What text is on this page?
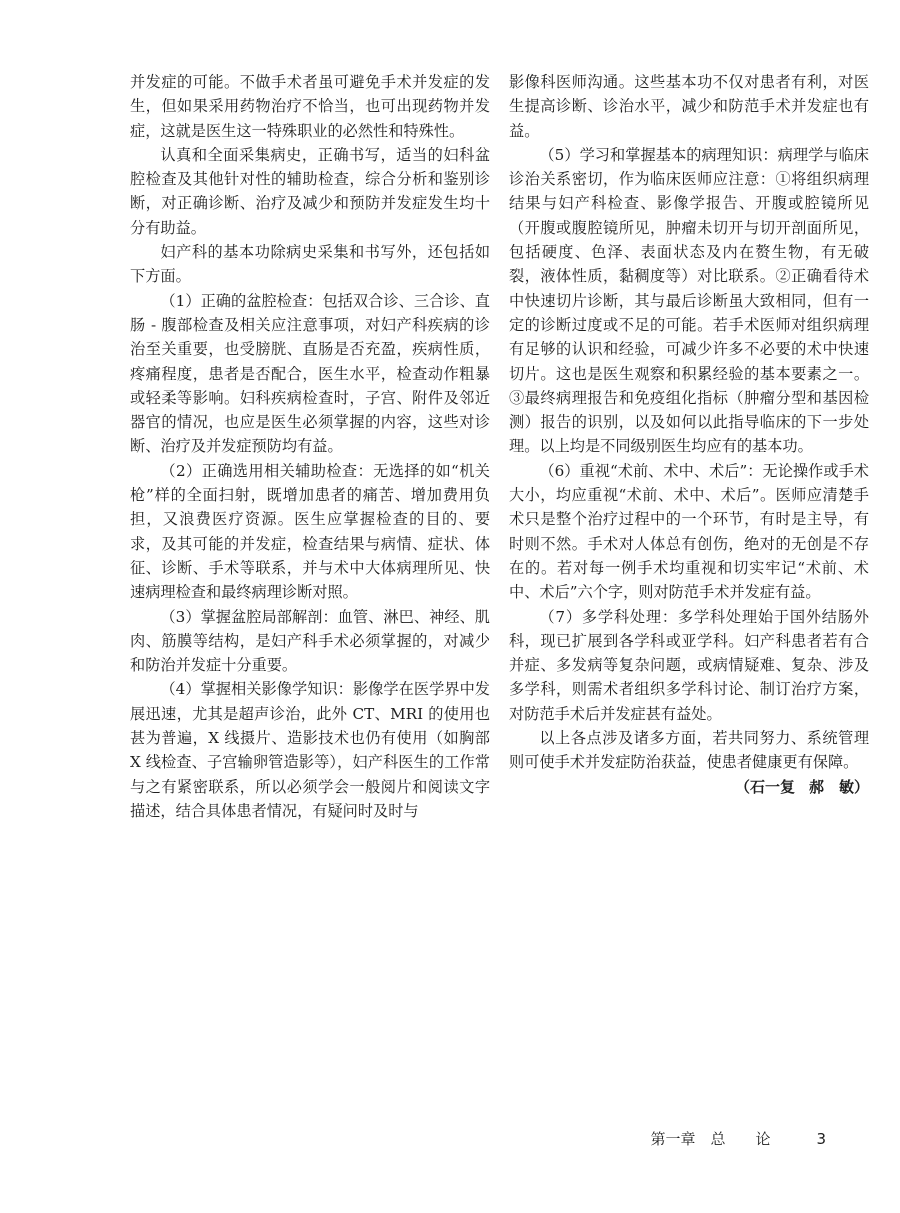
并发症的可能。不做手术者虽可避免手术并发症的发生，但如果采用药物治疗不恰当，也可出现药物并发症，这就是医生这一特殊职业的必然性和特殊性。

认真和全面采集病史，正确书写，适当的妇科盆腔检查及其他针对性的辅助检查，综合分析和鉴别诊断，对正确诊断、治疗及减少和预防并发症发生均十分有助益。

妇产科的基本功除病史采集和书写外，还包括如下方面。

（1）正确的盆腔检查：包括双合诊、三合诊、直肠 - 腹部检查及相关应注意事项，对妇产科疾病的诊治至关重要，也受膀胱、直肠是否充盈，疾病性质，疼痛程度，患者是否配合，医生水平，检查动作粗暴或轻柔等影响。妇科疾病检查时，子宫、附件及邻近器官的情况，也应是医生必须掌握的内容，这些对诊断、治疗及并发症预防均有益。

（2）正确选用相关辅助检查：无选择的如“机关枪”样的全面扫射，既增加患者的痛苦、增加费用负担，又浪费医疗资源。医生应掌握检查的目的、要求，及其可能的并发症，检查结果与病情、症状、体征、诊断、手术等联系，并与术中大体病理所见、快速病理检查和最终病理诊断对照。

（3）掌握盆腔局部解剖：血管、淋巴、神经、肌肉、筋膜等结构，是妇产科手术必须掌握的，对减少和防治并发症十分重要。

（4）掌握相关影像学知识：影像学在医学界中发展迅速，尤其是超声诊治，此外 CT、MRI 的使用也甚为普遍，X 线摄片、造影技术也仍有使用（如胸部 X 线检查、子宫输卵管造影等），妇产科医生的工作常与之有紧密联系，所以必须学会一般阅片和阅读文字描述，结合具体患者情况，有疑问时及时与

影像科医师沟通。这些基本功不仅对患者有利，对医生提高诊断、诊治水平，减少和防范手术并发症也有益。

（5）学习和掌握基本的病理知识：病理学与临床诊治关系密切，作为临床医师应注意：①将组织病理结果与妇产科检查、影像学报告、开腹或腔镜所见（开腹或腹腔镜所见，肿瘤未切开与切开剖面所见，包括硬度、色泽、表面状态及内在赘生物，有无破裂，液体性质，黏稠度等）对比联系。②正确看待术中快速切片诊断，其与最后诊断虽大致相同，但有一定的诊断过度或不足的可能。若手术医师对组织病理有足够的认识和经验，可减少许多不必要的术中快速切片。这也是医生观察和积累经验的基本要素之一。③最终病理报告和免疫组化指标（肿瘤分型和基因检测）报告的识别，以及如何以此指导临床的下一步处理。以上均是不同级别医生均应有的基本功。

（6）重视“术前、术中、术后”：无论操作或手术大小，均应重视“术前、术中、术后”。医师应清楚手术只是整个治疗过程中的一个环节，有时是主导，有时则不然。手术对人体总有创伤，绝对的无创是不存在的。若对每一例手术均重视和切实牢记“术前、术中、术后”六个字，则对防范手术并发症有益。

（7）多学科处理：多学科处理始于国外结肠外科，现已扩展到各学科或亚学科。妇产科患者若有合并症、多发病等复杂问题，或病情疑难、复杂、涉及多学科，则需术者组织多学科讨论、制订治疗方案，对防范手术后并发症甚有益处。

以上各点涉及诸多方面，若共同努力、系统管理则可使手术并发症防治获益，使患者健康更有保障。

（石一复 郝　敏）

第一章　总　　论	3
